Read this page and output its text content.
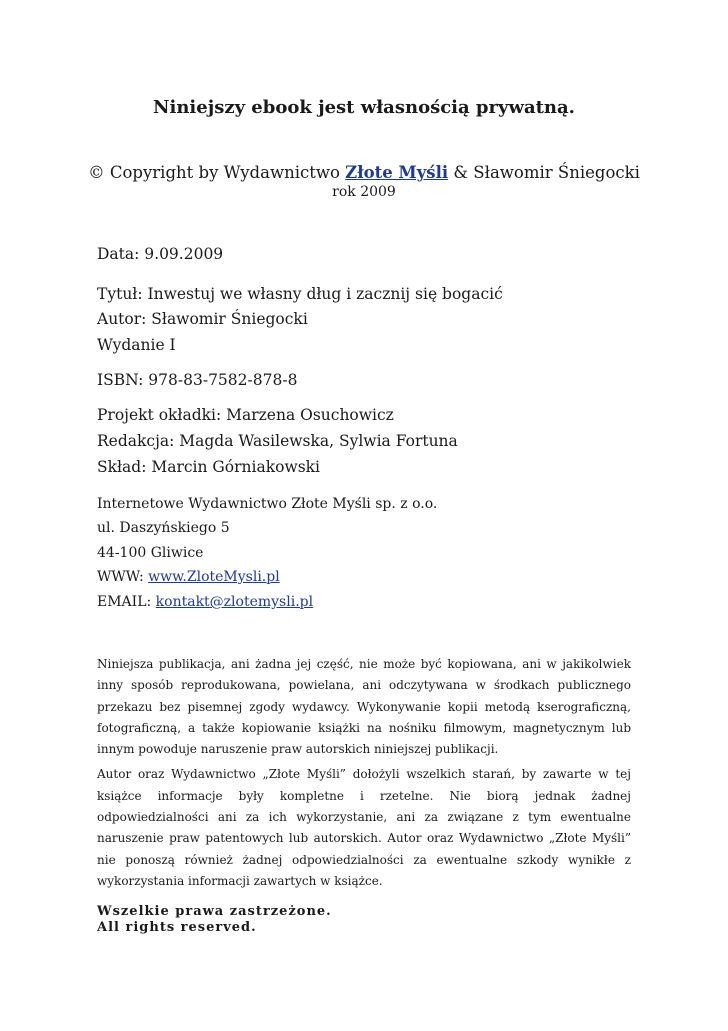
Niniejszy ebook jest własnością prywatną.
© Copyright by Wydawnictwo Złote Myśli & Sławomir Śniegocki
rok 2009
Data: 9.09.2009
Tytuł: Inwestuj we własny dług i zacznij się bogacić
Autor: Sławomir Śniegocki
Wydanie I
ISBN: 978-83-7582-878-8
Projekt okładki: Marzena Osuchowicz
Redakcja: Magda Wasilewska, Sylwia Fortuna
Skład: Marcin Górniakowski
Internetowe Wydawnictwo Złote Myśli sp. z o.o.
ul. Daszyńskiego 5
44-100 Gliwice
WWW: www.ZloteMysli.pl
EMAIL: kontakt@zlotemysli.pl

Niniejsza publikacja, ani żadna jej część, nie może być kopiowana, ani w jakikolwiek inny sposób reprodukowana, powielana, ani odczytywana w środkach publicznego przekazu bez pisemnej zgody wydawcy. Wykonywanie kopii metodą kserograficzną, fotograficzną, a także kopiowanie książki na nośniku filmowym, magnetycznym lub innym powoduje naruszenie praw autorskich niniejszej publikacji.

Autor oraz Wydawnictwo „Złote Myśli” dołożyli wszelkich starań, by zawarte w tej książce informacje były kompletne i rzetelne. Nie biorą jednak żadnej odpowiedzialności ani za ich wykorzystanie, ani za związane z tym ewentualne naruszenie praw patentowych lub autorskich. Autor oraz Wydawnictwo „Złote Myśli” nie ponoszą również żadnej odpowiedzialności za ewentualne szkody wynikłe z wykorzystania informacji zawartych w książce.

Wszelkie prawa zastrzeżone.
All rights reserved.
